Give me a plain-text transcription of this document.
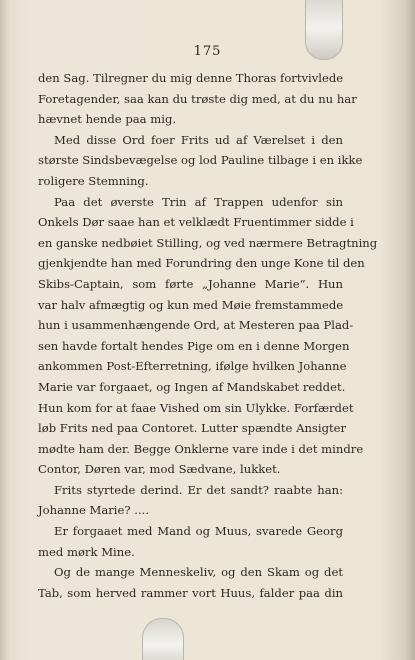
175
den Sag. Tilregner du mig denne Thoras fortvivlede
Foretagender, saa kan du trøste dig med, at du nu har
hævnet hende paa mig.
Med disse Ord foer Frits ud af Værelset i den
største Sindsbevægelse og lod Pauline tilbage i en ikke
roligere Stemning.
Paa det øverste Trin af Trappen udenfor sin
Onkels Dør saae han et velklædt Fruentimmer sidde i
en ganske nedbøiet Stilling, og ved nærmere Betragtning
gjenkjendte han med Forundring den unge Kone til den
Skibs-Captain, som førte „Johanne Marie“. Hun
var halv afmægtig og kun med Møie fremstammede
hun i usammenhængende Ord, at Mesteren paa Plad-
sen havde fortalt hendes Pige om en i denne Morgen
ankommen Post-Efterretning, ifølge hvilken Johanne
Marie var forgaaet, og Ingen af Mandskabet reddet.
Hun kom for at faae Vished om sin Ulykke. Forfærdet
løb Frits ned paa Contoret. Lutter spændte Ansigter
mødte ham der. Begge Onklerne vare inde i det mindre
Contor, Døren var, mod Sædvane, lukket.
Frits styrtede derind. Er det sandt? raabte han:
Johanne Marie? ....
Er forgaaet med Mand og Muus, svarede Georg
med mørk Mine.
Og de mange Menneskeliv, og den Skam og det
Tab, som herved rammer vort Huus, falder paa din
